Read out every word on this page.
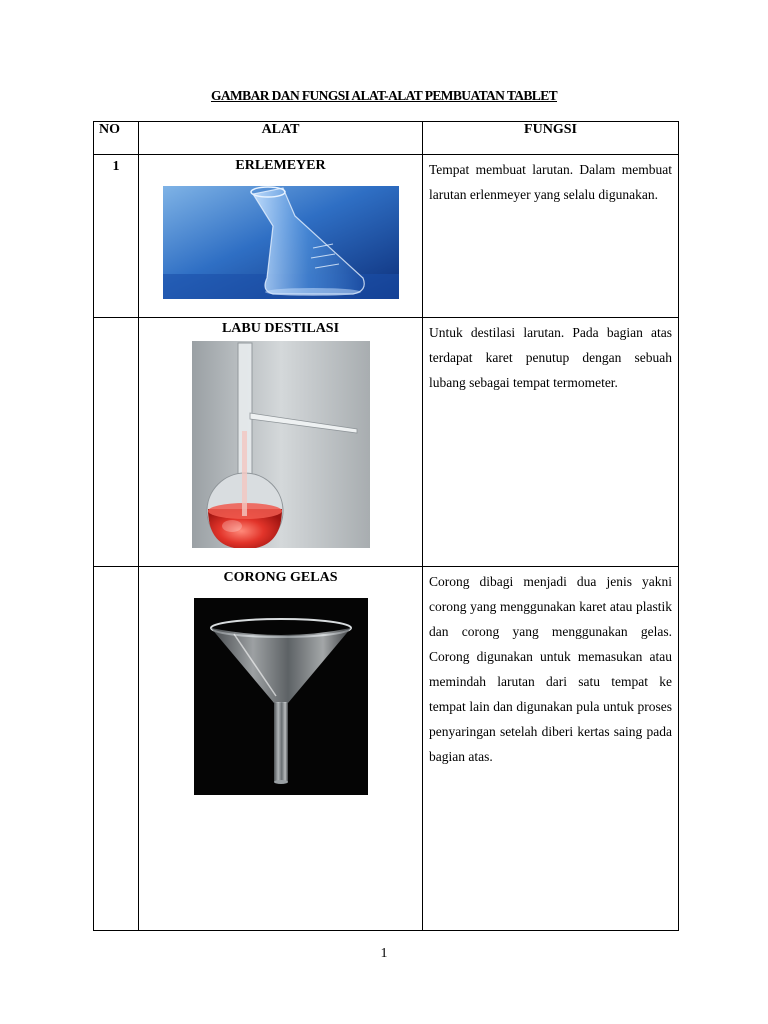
GAMBAR DAN FUNGSI ALAT-ALAT PEMBUATAN TABLET
NO	ALAT	FUNGSI
1	ERLEMEYER	Tempat membuat larutan. Dalam membuat larutan erlenmeyer yang selalu digunakan.

	LABU DESTILASI	Untuk destilasi larutan. Pada bagian atas terdapat karet penutup dengan sebuah lubang sebagai tempat termometer.

	CORONG GELAS	Corong dibagi menjadi dua jenis yakni corong yang menggunakan karet atau plastik dan corong yang menggunakan gelas. Corong digunakan untuk memasukan atau memindah larutan dari satu tempat ke tempat lain dan digunakan pula untuk proses penyaringan setelah diberi kertas saing pada bagian atas.
1
